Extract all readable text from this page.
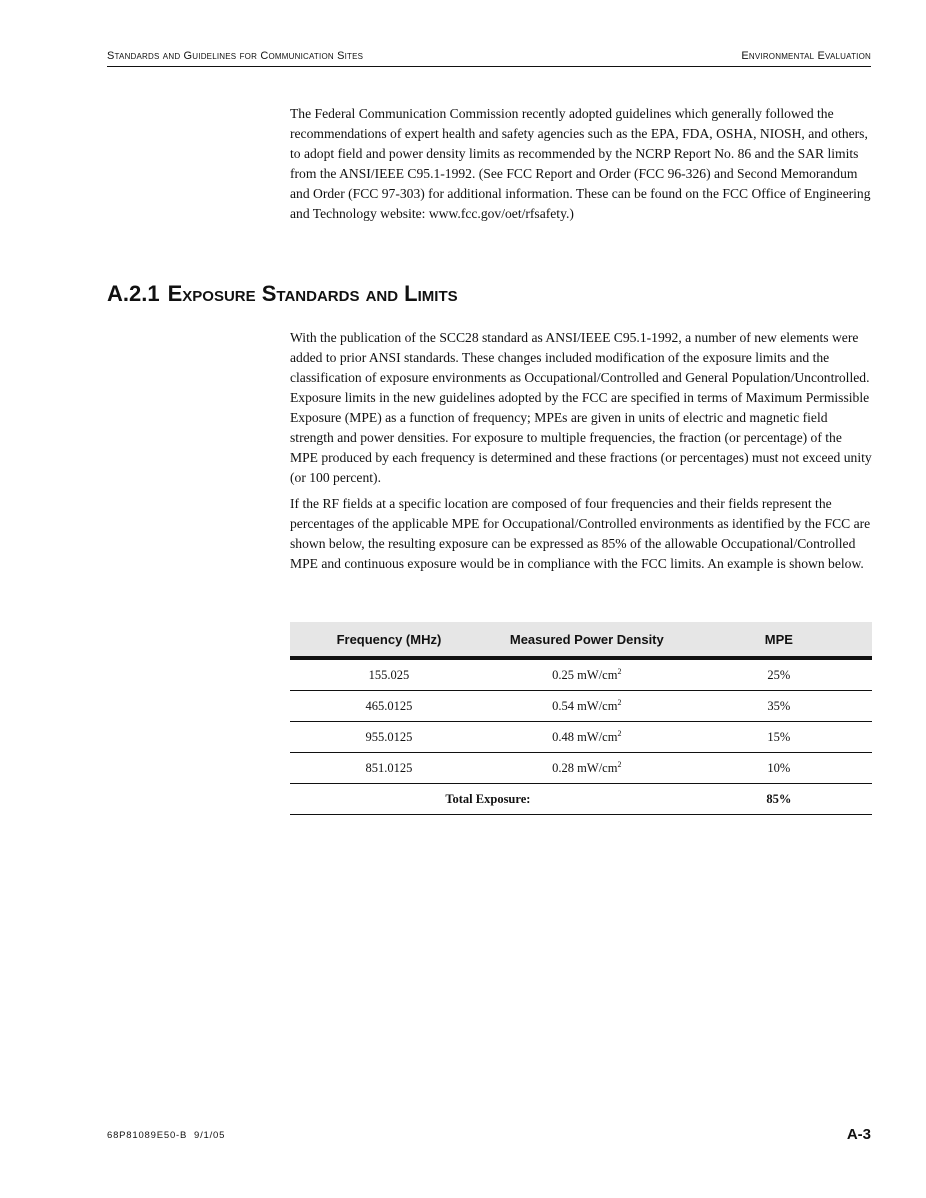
Standards and Guidelines for Communication Sites	Environmental Evaluation

The Federal Communication Commission recently adopted guidelines which generally followed the recommendations of expert health and safety agencies such as the EPA, FDA, OSHA, NIOSH, and others, to adopt field and power density limits as recommended by the NCRP Report No. 86 and the SAR limits from the ANSI/IEEE C95.1-1992. (See FCC Report and Order (FCC 96-326) and Second Memorandum and Order (FCC 97-303) for additional information. These can be found on the FCC Office of Engineering and Technology website: www.fcc.gov/oet/rfsafety.)

A.2.1 Exposure Standards and Limits

With the publication of the SCC28 standard as ANSI/IEEE C95.1-1992, a number of new elements were added to prior ANSI standards. These changes included modification of the exposure limits and the classification of exposure environments as Occupational/Controlled and General Population/Uncontrolled. Exposure limits in the new guidelines adopted by the FCC are specified in terms of Maximum Permissible Exposure (MPE) as a function of frequency; MPEs are given in units of electric and magnetic field strength and power densities. For exposure to multiple frequencies, the fraction (or percentage) of the MPE produced by each frequency is determined and these fractions (or percentages) must not exceed unity (or 100 percent).

If the RF fields at a specific location are composed of four frequencies and their fields represent the percentages of the applicable MPE for Occupational/Controlled environments as identified by the FCC are shown below, the resulting exposure can be expressed as 85% of the allowable Occupational/Controlled MPE and continuous exposure would be in compliance with the FCC limits. An example is shown below.

Frequency (MHz)	Measured Power Density	MPE
155.025	0.25 $mW/cm^2$	25%
465.0125	0.54 $mW/cm^2$	35%
955.0125	0.48 $mW/cm^2$	15%
851.0125	0.28 $mW/cm^2$	10%
Total Exposure:		85%
68P81089E50-B 9/1/05	A-3
